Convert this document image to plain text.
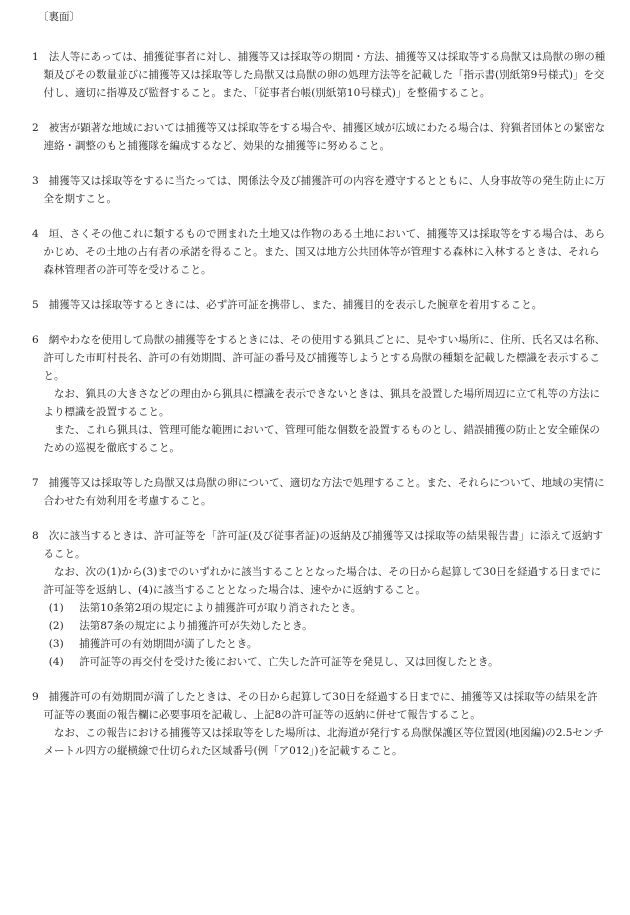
〔裏面〕

1 法人等にあっては、捕獲従事者に対し、捕獲等又は採取等の期間・方法、捕獲等又は採取等する鳥獣又は鳥獣の卵の種類及びその数量並びに捕獲等又は採取等した鳥獣又は鳥獣の卵の処理方法等を記載した「指示書(別紙第9号様式)」を交付し、適切に指導及び監督すること。また、「従事者台帳(別紙第10号様式)」を整備すること。

2 被害が顕著な地域においては捕獲等又は採取等をする場合や、捕獲区域が広域にわたる場合は、狩猟者団体との緊密な連絡・調整のもと捕獲隊を編成するなど、効果的な捕獲等に努めること。

3 捕獲等又は採取等をするに当たっては、関係法令及び捕獲許可の内容を遵守するとともに、人身事故等の発生防止に万全を期すこと。

4 垣、さくその他これに類するもので囲まれた土地又は作物のある土地において、捕獲等又は採取等をする場合は、あらかじめ、その土地の占有者の承諾を得ること。また、国又は地方公共団体等が管理する森林に入林するときは、それら森林管理者の許可等を受けること。

5 捕獲等又は採取等するときには、必ず許可証を携帯し、また、捕獲目的を表示した腕章を着用すること。

6 網やわなを使用して鳥獣の捕獲等をするときには、その使用する猟具ごとに、見やすい場所に、住所、氏名又は名称、許可した市町村長名、許可の有効期間、許可証の番号及び捕獲等しようとする鳥獣の種類を記載した標識を表示すること。

なお、猟具の大きさなどの理由から猟具に標識を表示できないときは、猟具を設置した場所周辺に立て札等の方法により標識を設置すること。

また、これら猟具は、管理可能な範囲において、管理可能な個数を設置するものとし、錯誤捕獲の防止と安全確保のための巡視を徹底すること。

7 捕獲等又は採取等した鳥獣又は鳥獣の卵について、適切な方法で処理すること。また、それらについて、地域の実情に合わせた有効利用を考慮すること。

8 次に該当するときは、許可証等を「許可証(及び従事者証)の返納及び捕獲等又は採取等の結果報告書」に添えて返納すること。

なお、次の(1)から(3)までのいずれかに該当することとなった場合は、その日から起算して30日を経過する日までに許可証等を返納し、(4)に該当することとなった場合は、速やかに返納すること。

(1) 法第10条第2項の規定により捕獲許可が取り消されたとき。
(2) 法第87条の規定により捕獲許可が失効したとき。
(3) 捕獲許可の有効期間が満了したとき。
(4) 許可証等の再交付を受けた後において、亡失した許可証等を発見し、又は回復したとき。

9 捕獲許可の有効期間が満了したときは、その日から起算して30日を経過する日までに、捕獲等又は採取等の結果を許可証等の裏面の報告欄に必要事項を記載し、上記8の許可証等の返納に併せて報告すること。

なお、この報告における捕獲等又は採取等をした場所は、北海道が発行する鳥獣保護区等位置図(地図編)の2.5センチメートル四方の縦横線で仕切られた区域番号(例「ア012」)を記載すること。
